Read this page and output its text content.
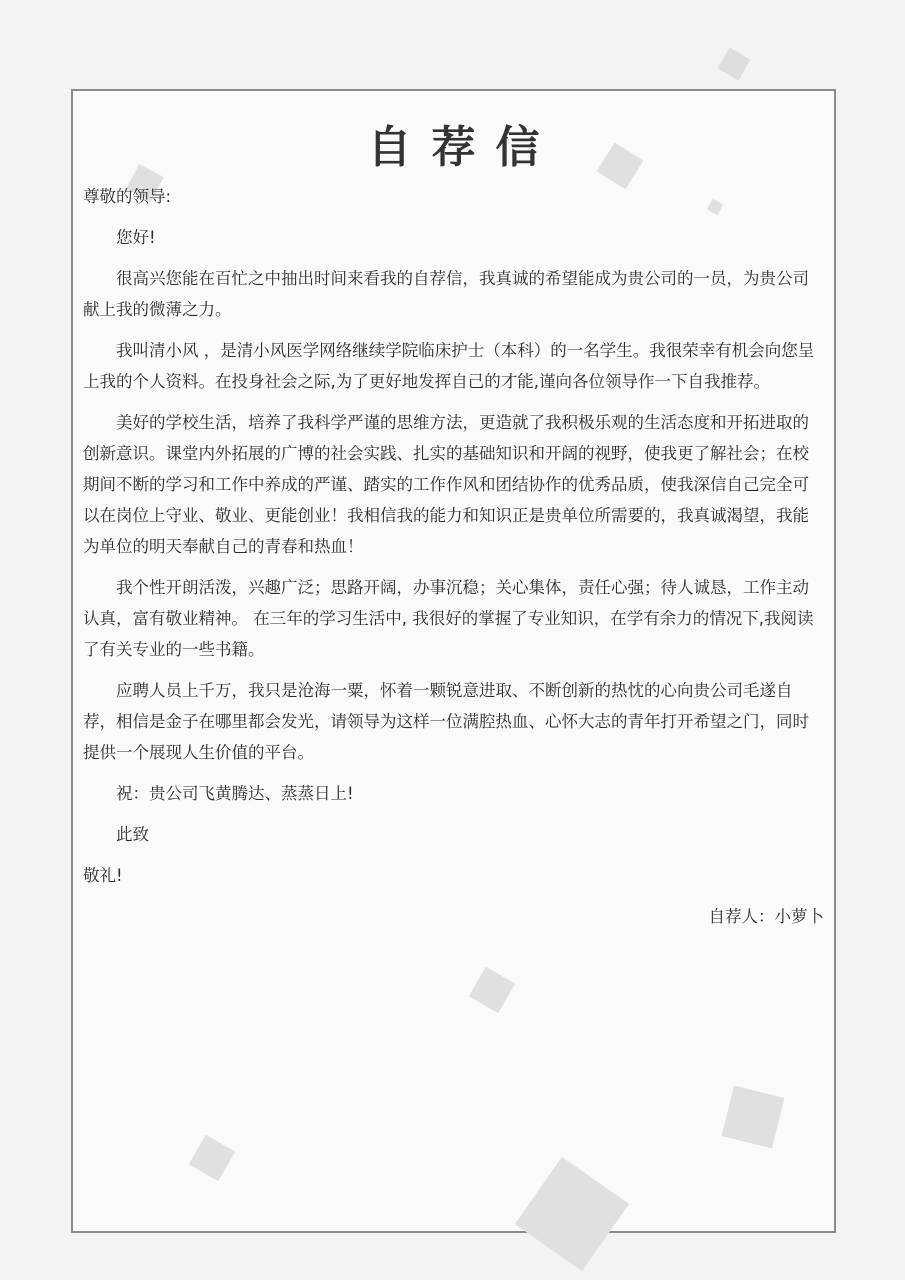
自荐信

尊敬的领导:

您好!

很高兴您能在百忙之中抽出时间来看我的自荐信，我真诚的希望能成为贵公司的一员，为贵公司献上我的微薄之力。

我叫清小风 ，是清小风医学网络继续学院临床护士（本科）的一名学生。我很荣幸有机会向您呈上我的个人资料。在投身社会之际,为了更好地发挥自己的才能,谨向各位领导作一下自我推荐。

美好的学校生活，培养了我科学严谨的思维方法，更造就了我积极乐观的生活态度和开拓进取的创新意识。课堂内外拓展的广博的社会实践、扎实的基础知识和开阔的视野，使我更了解社会；在校期间不断的学习和工作中养成的严谨、踏实的工作作风和团结协作的优秀品质，使我深信自己完全可以在岗位上守业、敬业、更能创业！我相信我的能力和知识正是贵单位所需要的，我真诚渴望，我能为单位的明天奉献自己的青春和热血！

我个性开朗活泼，兴趣广泛；思路开阔，办事沉稳；关心集体，责任心强；待人诚恳，工作主动认真，富有敬业精神。 在三年的学习生活中, 我很好的掌握了专业知识，在学有余力的情况下,我阅读了有关专业的一些书籍。

应聘人员上千万，我只是沧海一粟，怀着一颗锐意进取、不断创新的热忱的心向贵公司毛遂自荐，相信是金子在哪里都会发光，请领导为这样一位满腔热血、心怀大志的青年打开希望之门，同时提供一个展现人生价值的平台。

祝：贵公司飞黄腾达、蒸蒸日上!

此致

敬礼!

自荐人：小萝卜
